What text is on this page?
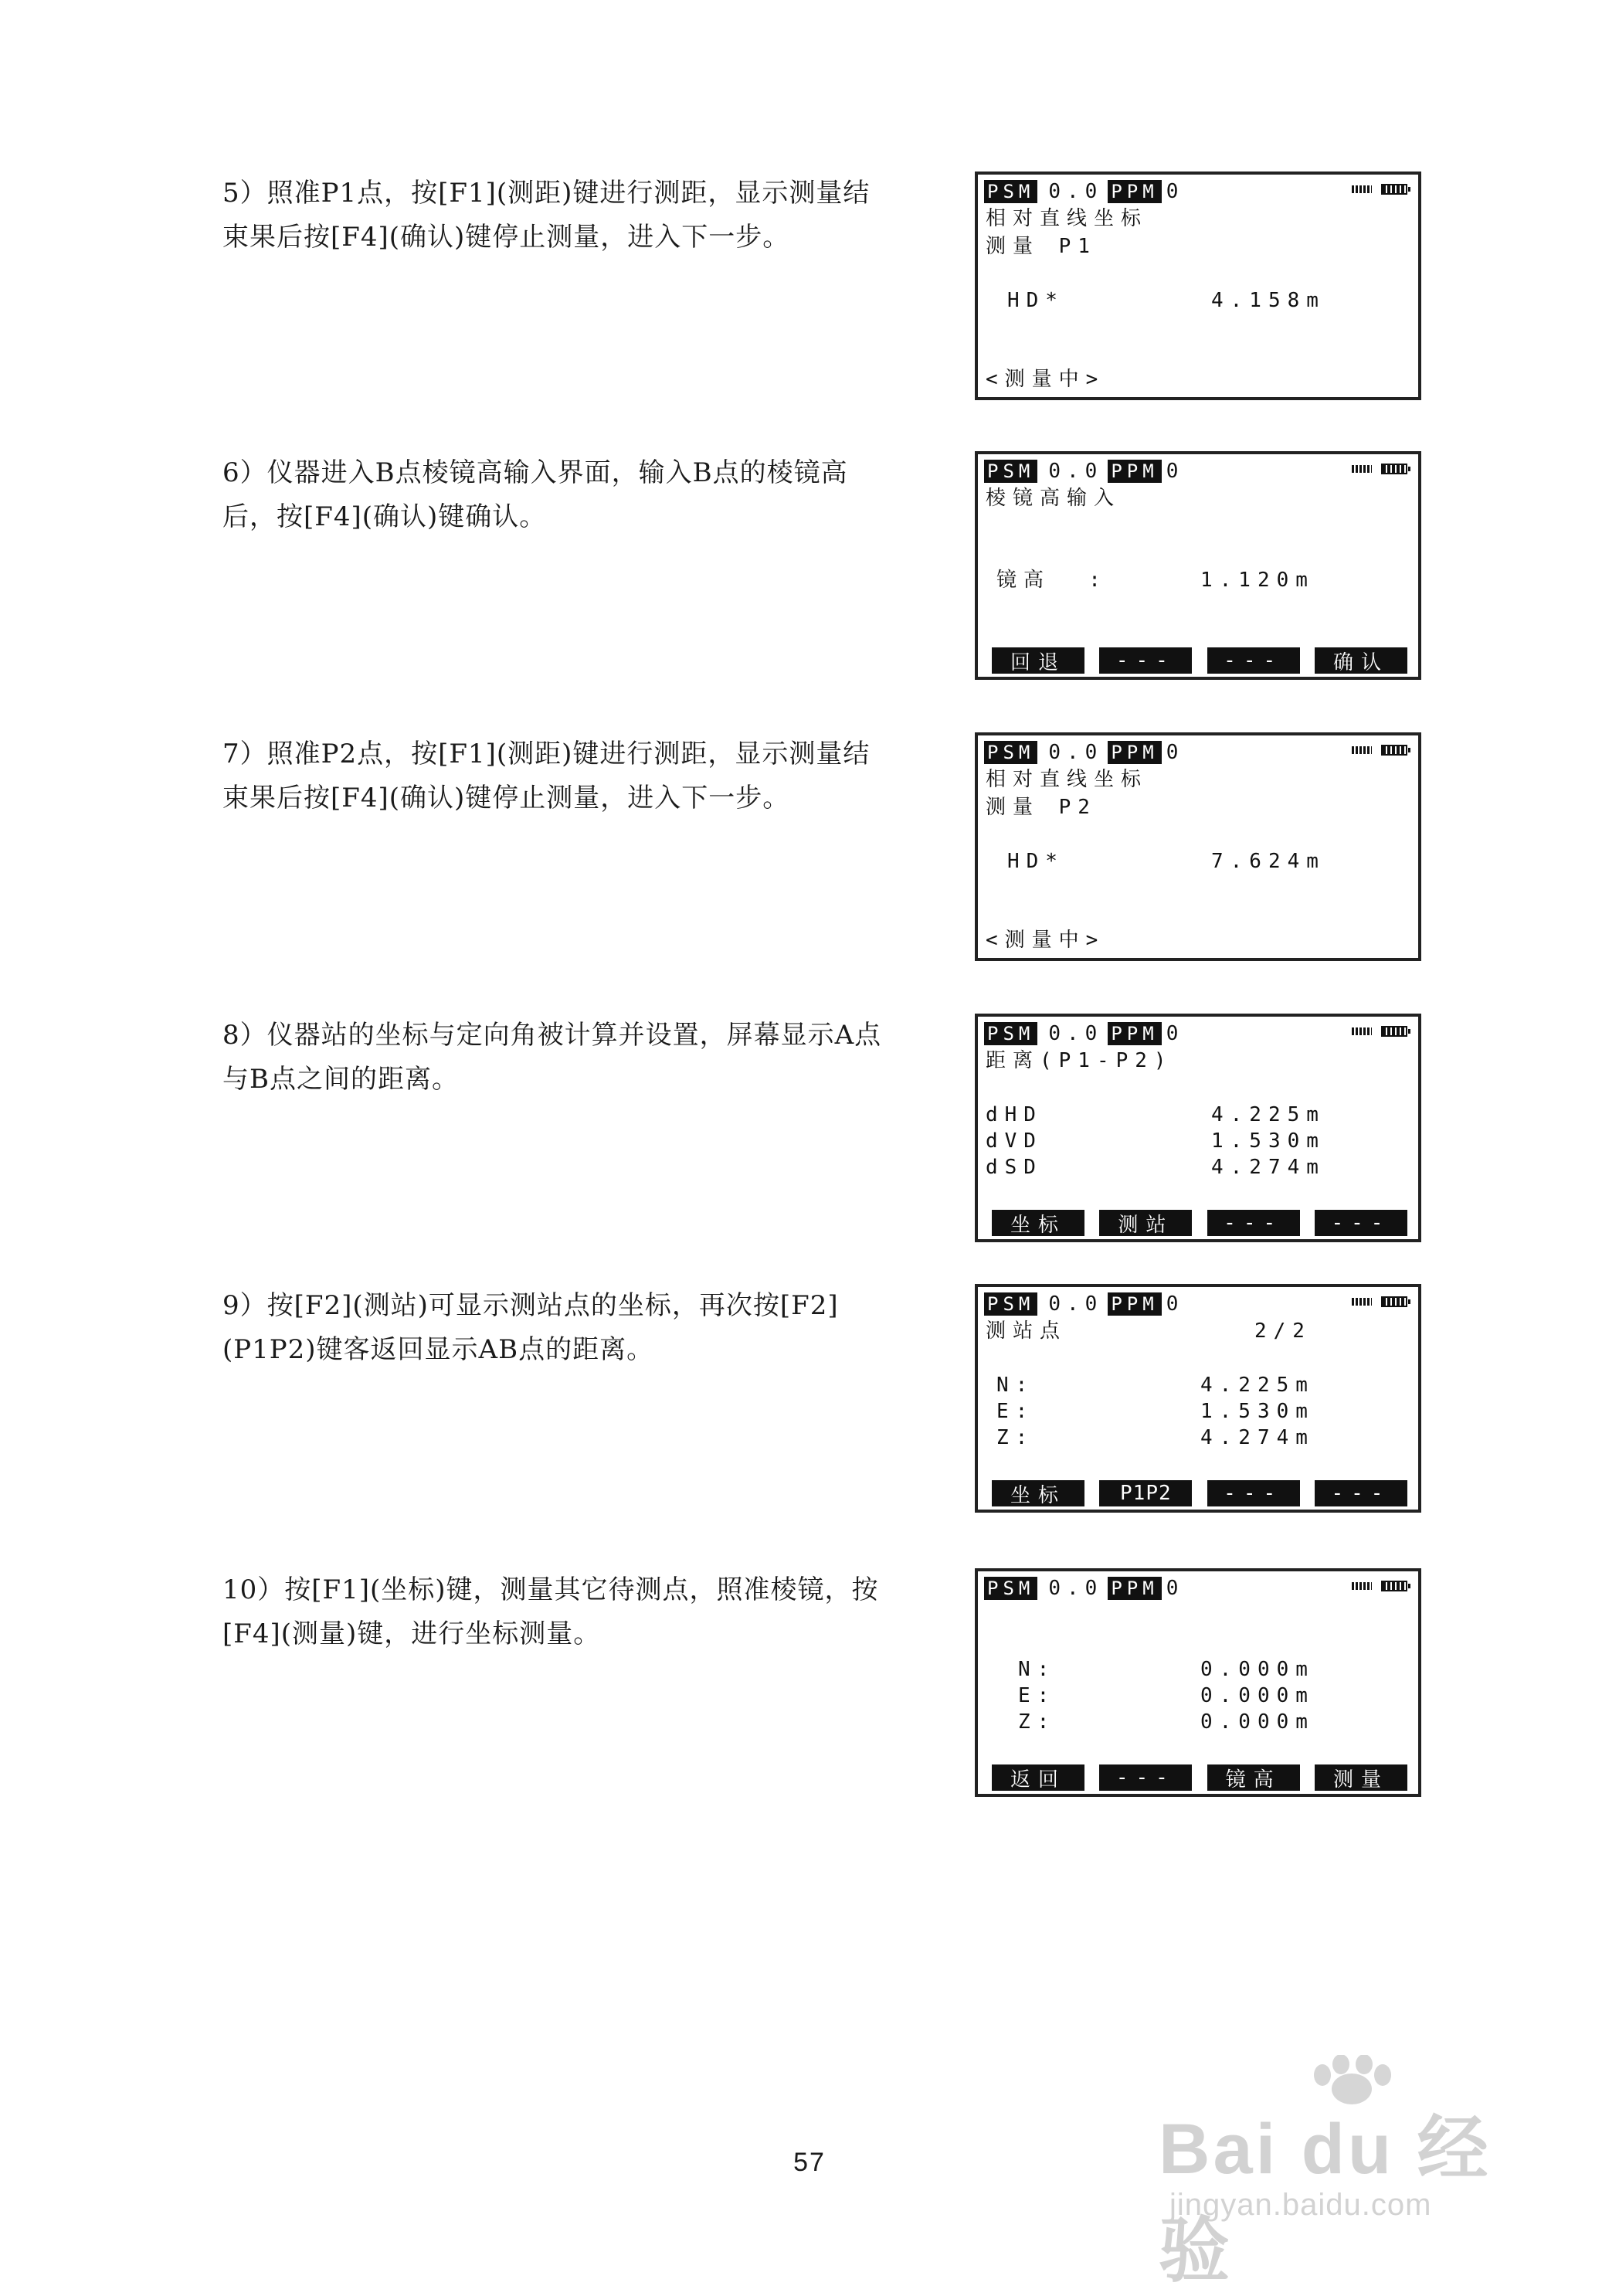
5）照准P1点，按[F1](测距)键进行测距，显示测量结束果后按[F4](确认)键停止测量，进入下一步。
PSM 0.0 PPM 0
相对直线坐标
测量 P1
HD*	4.158m
<测量中>
6）仪器进入B点棱镜高输入界面，输入B点的棱镜高后，按[F4](确认)键确认。
PSM 0.0 PPM 0
棱镜高输入
镜高  :	1.120m
回退	---	---	确认
7）照准P2点，按[F1](测距)键进行测距，显示测量结束果后按[F4](确认)键停止测量，进入下一步。
PSM 0.0 PPM 0
相对直线坐标
测量 P2
HD*	7.624m
<测量中>
8）仪器站的坐标与定向角被计算并设置，屏幕显示A点与B点之间的距离。
PSM 0.0 PPM 0
距离(P1-P2)
dHD	4.225m
dVD	1.530m
dSD	4.274m
坐标	测站	---	---
9）按[F2](测站)可显示测站点的坐标，再次按[F2](P1P2)键客返回显示AB点的距离。
PSM 0.0 PPM 0
测站点	2/2
N:	4.225m
E:	1.530m
Z:	4.274m
坐标	P1P2	---	---
10）按[F1](坐标)键，测量其它待测点，照准棱镜，按[F4](测量)键，进行坐标测量。
PSM 0.0 PPM 0
N:	0.000m
E:	0.000m
Z:	0.000m
返回	---	镜高	测量
57	Bai du 经验
jingyan.baidu.com
